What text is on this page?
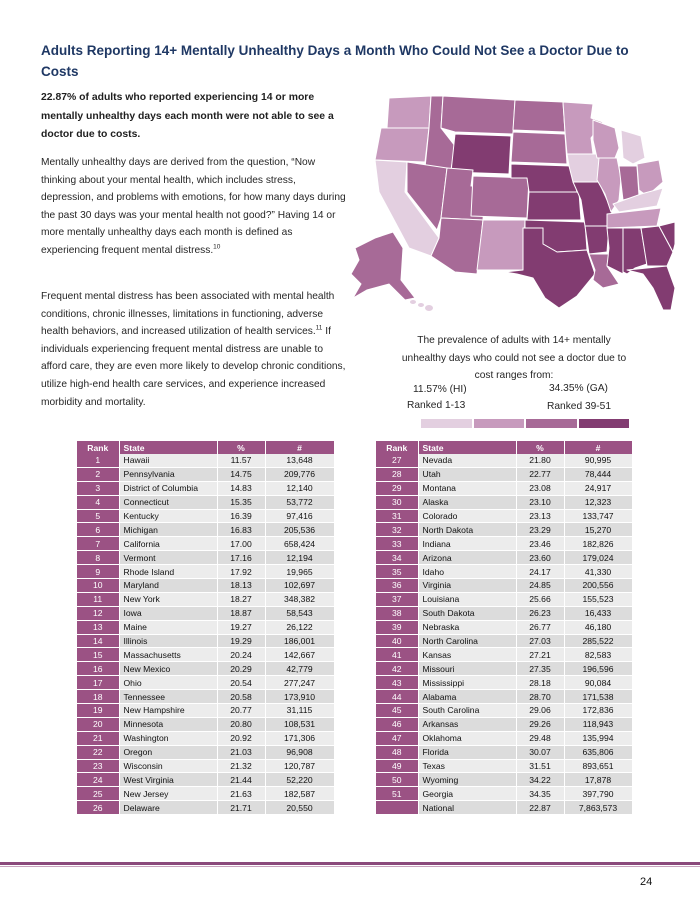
Adults Reporting 14+ Mentally Unhealthy Days a Month Who Could Not See a Doctor Due to Costs
22.87% of adults who reported experiencing 14 or more mentally unhealthy days each month were not able to see a doctor due to costs.
Mentally unhealthy days are derived from the question, “Now thinking about your mental health, which includes stress, depression, and problems with emotions, for how many days during the past 30 days was your mental health not good?” Having 14 or more mentally unhealthy days each month is defined as experiencing frequent mental distress.$^{10}$
Frequent mental distress has been associated with mental health conditions, chronic illnesses, limitations in functioning, adverse health behaviors, and increased utilization of health services.$^{11}$ If individuals experiencing frequent mental distress are unable to afford care, they are even more likely to develop chronic conditions, utilize high-end health care services, and experience increased morbidity and mortality.
The prevalence of adults with 14+ mentally unhealthy days who could not see a doctor due to cost ranges from:
11.57% (HI)	34.35% (GA)
Ranked 1-13	Ranked 39-51
Rank	State	%	#
1	Hawaii	11.57	13,648
2	Pennsylvania	14.75	209,776
3	District of Columbia	14.83	12,140
4	Connecticut	15.35	53,772
5	Kentucky	16.39	97,416
6	Michigan	16.83	205,536
7	California	17.00	658,424
8	Vermont	17.16	12,194
9	Rhode Island	17.92	19,965
10	Maryland	18.13	102,697
11	New York	18.27	348,382
12	Iowa	18.87	58,543
13	Maine	19.27	26,122
14	Illinois	19.29	186,001
15	Massachusetts	20.24	142,667
16	New Mexico	20.29	42,779
17	Ohio	20.54	277,247
18	Tennessee	20.58	173,910
19	New Hampshire	20.77	31,115
20	Minnesota	20.80	108,531
21	Washington	20.92	171,306
22	Oregon	21.03	96,908
23	Wisconsin	21.32	120,787
24	West Virginia	21.44	52,220
25	New Jersey	21.63	182,587
26	Delaware	21.71	20,550
Rank	State	%	#
27	Nevada	21.80	90,995
28	Utah	22.77	78,444
29	Montana	23.08	24,917
30	Alaska	23.10	12,323
31	Colorado	23.13	133,747
32	North Dakota	23.29	15,270
33	Indiana	23.46	182,826
34	Arizona	23.60	179,024
35	Idaho	24.17	41,330
36	Virginia	24.85	200,556
37	Louisiana	25.66	155,523
38	South Dakota	26.23	16,433
39	Nebraska	26.77	46,180
40	North Carolina	27.03	285,522
41	Kansas	27.21	82,583
42	Missouri	27.35	196,596
43	Mississippi	28.18	90,084
44	Alabama	28.70	171,538
45	South Carolina	29.06	172,836
46	Arkansas	29.26	118,943
47	Oklahoma	29.48	135,994
48	Florida	30.07	635,806
49	Texas	31.51	893,651
50	Wyoming	34.22	17,878
51	Georgia	34.35	397,790
	National	22.87	7,863,573
24
